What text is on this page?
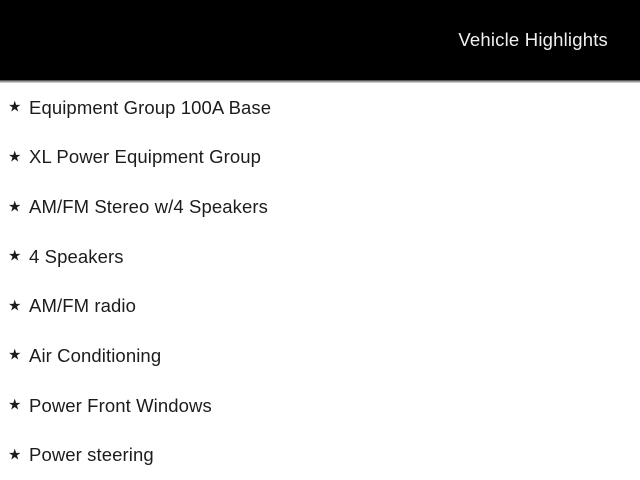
Vehicle Highlights
★ Equipment Group 100A Base
★ XL Power Equipment Group
★ AM/FM Stereo w/4 Speakers
★ 4 Speakers
★ AM/FM radio
★ Air Conditioning
★ Power Front Windows
★ Power steering
